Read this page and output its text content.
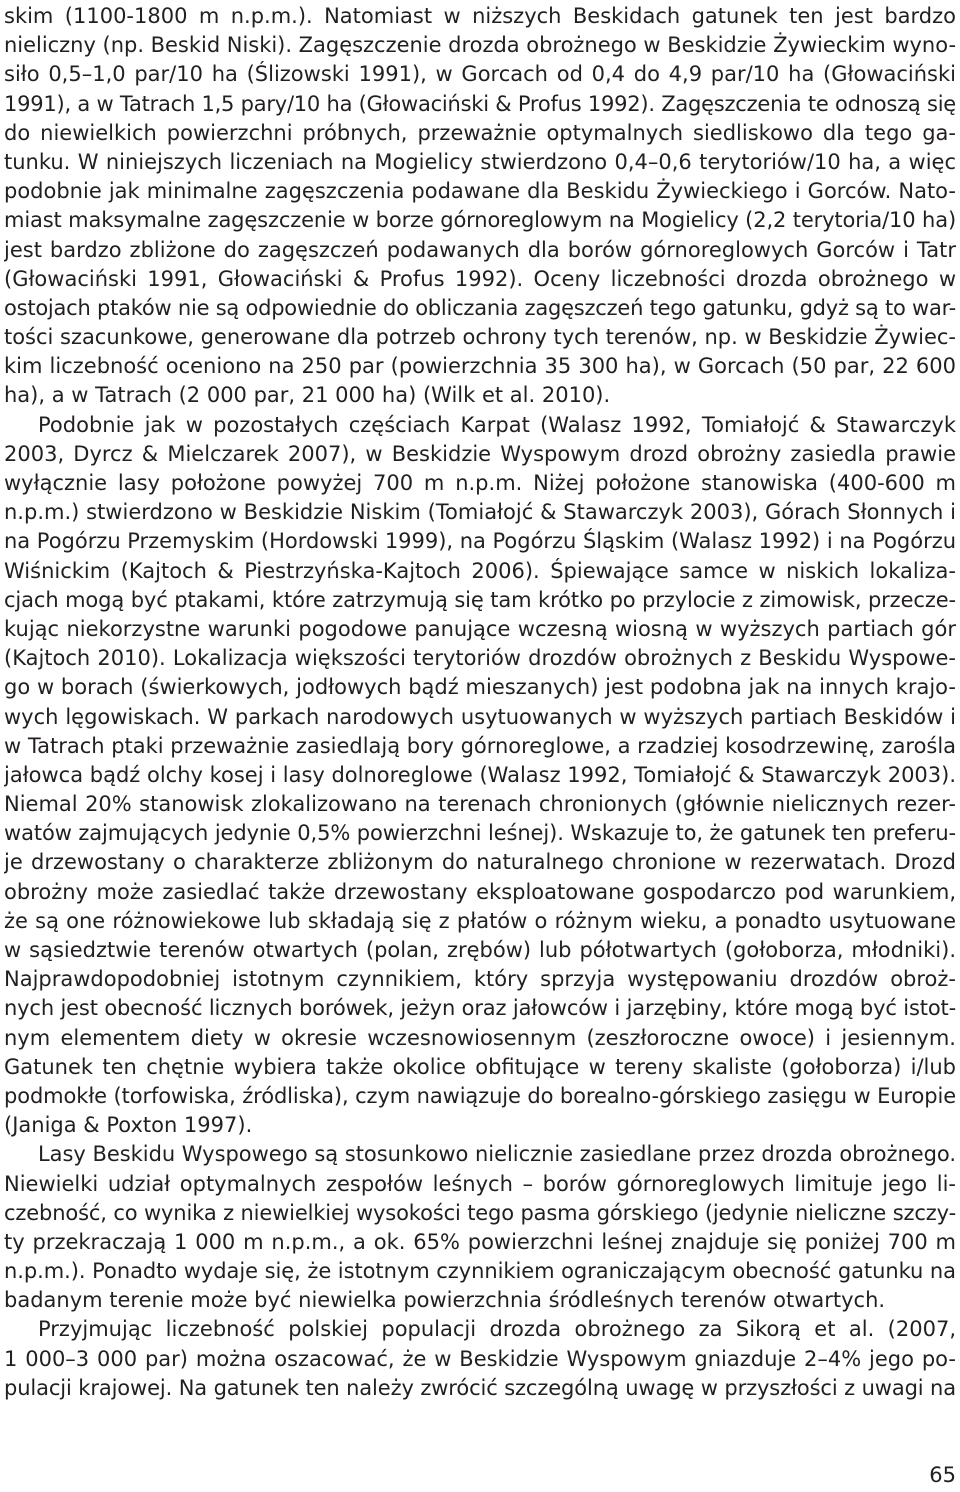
skim (1100-1800 m n.p.m.). Natomiast w niższych Beskidach gatunek ten jest bardzo
nieliczny (np. Beskid Niski). Zagęszczenie drozda obrożnego w Beskidzie Żywieckim wyno-
siło 0,5–1,0 par/10 ha (Ślizowski 1991), w Gorcach od 0,4 do 4,9 par/10 ha (Głowaciński
1991), a w Tatrach 1,5 pary/10 ha (Głowaciński & Profus 1992). Zagęszczenia te odnoszą się
do niewielkich powierzchni próbnych, przeważnie optymalnych siedliskowo dla tego ga-
tunku. W niniejszych liczeniach na Mogielicy stwierdzono 0,4–0,6 terytoriów/10 ha, a więc
podobnie jak minimalne zagęszczenia podawane dla Beskidu Żywieckiego i Gorców. Nato-
miast maksymalne zagęszczenie w borze górnoreglowym na Mogielicy (2,2 terytoria/10 ha)
jest bardzo zbliżone do zagęszczeń podawanych dla borów górnoreglowych Gorców i Tatr
(Głowaciński 1991, Głowaciński & Profus 1992). Oceny liczebności drozda obrożnego w
ostojach ptaków nie są odpowiednie do obliczania zagęszczeń tego gatunku, gdyż są to war-
tości szacunkowe, generowane dla potrzeb ochrony tych terenów, np. w Beskidzie Żywiec-
kim liczebność oceniono na 250 par (powierzchnia 35 300 ha), w Gorcach (50 par, 22 600
ha), a w Tatrach (2 000 par, 21 000 ha) (Wilk et al. 2010).
Podobnie jak w pozostałych częściach Karpat (Walasz 1992, Tomiałojć & Stawarczyk
2003, Dyrcz & Mielczarek 2007), w Beskidzie Wyspowym drozd obrożny zasiedla prawie
wyłącznie lasy położone powyżej 700 m n.p.m. Niżej położone stanowiska (400-600 m
n.p.m.) stwierdzono w Beskidzie Niskim (Tomiałojć & Stawarczyk 2003), Górach Słonnych i
na Pogórzu Przemyskim (Hordowski 1999), na Pogórzu Śląskim (Walasz 1992) i na Pogórzu
Wiśnickim (Kajtoch & Piestrzyńska-Kajtoch 2006). Śpiewające samce w niskich lokaliza-
cjach mogą być ptakami, które zatrzymują się tam krótko po przylocie z zimowisk, przecze-
kując niekorzystne warunki pogodowe panujące wczesną wiosną w wyższych partiach gór
(Kajtoch 2010). Lokalizacja większości terytoriów drozdów obrożnych z Beskidu Wyspowe-
go w borach (świerkowych, jodłowych bądź mieszanych) jest podobna jak na innych krajo-
wych lęgowiskach. W parkach narodowych usytuowanych w wyższych partiach Beskidów i
w Tatrach ptaki przeważnie zasiedlają bory górnoreglowe, a rzadziej kosodrzewinę, zarośla
jałowca bądź olchy kosej i lasy dolnoreglowe (Walasz 1992, Tomiałojć & Stawarczyk 2003).
Niemal 20% stanowisk zlokalizowano na terenach chronionych (głównie nielicznych rezer-
watów zajmujących jedynie 0,5% powierzchni leśnej). Wskazuje to, że gatunek ten preferu-
je drzewostany o charakterze zbliżonym do naturalnego chronione w rezerwatach. Drozd
obrożny może zasiedlać także drzewostany eksploatowane gospodarczo pod warunkiem,
że są one różnowiekowe lub składają się z płatów o różnym wieku, a ponadto usytuowane
w sąsiedztwie terenów otwartych (polan, zrębów) lub półotwartych (gołoborza, młodniki).
Najprawdopodobniej istotnym czynnikiem, który sprzyja występowaniu drozdów obroż-
nych jest obecność licznych borówek, jeżyn oraz jałowców i jarzębiny, które mogą być istot-
nym elementem diety w okresie wczesnowiosennym (zeszłoroczne owoce) i jesiennym.
Gatunek ten chętnie wybiera także okolice obfitujące w tereny skaliste (gołoborza) i/lub
podmokłe (torfowiska, źródliska), czym nawiązuje do borealno-górskiego zasięgu w Europie
(Janiga & Poxton 1997).
Lasy Beskidu Wyspowego są stosunkowo nielicznie zasiedlane przez drozda obrożnego.
Niewielki udział optymalnych zespołów leśnych – borów górnoreglowych limituje jego li-
czebność, co wynika z niewielkiej wysokości tego pasma górskiego (jedynie nieliczne szczy-
ty przekraczają 1 000 m n.p.m., a ok. 65% powierzchni leśnej znajduje się poniżej 700 m
n.p.m.). Ponadto wydaje się, że istotnym czynnikiem ograniczającym obecność gatunku na
badanym terenie może być niewielka powierzchnia śródleśnych terenów otwartych.
Przyjmując liczebność polskiej populacji drozda obrożnego za Sikorą et al. (2007,
1 000–3 000 par) można oszacować, że w Beskidzie Wyspowym gniazduje 2–4% jego po-
pulacji krajowej. Na gatunek ten należy zwrócić szczególną uwagę w przyszłości z uwagi na
65
